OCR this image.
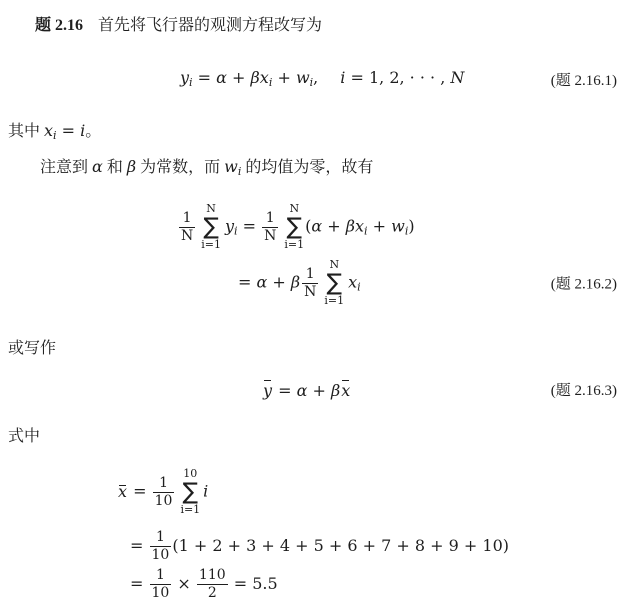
题 2.16 首先将飞行器的观测方程改写为

yi = α + βxi + wi, i = 1, 2, · · · , N	(题 2.16.1)

其中 xi = i。

注意到 α 和 β 为常数，而 wi 的均值为零，故有

$\frac{1}{N}$
N
∑
i=1
yi = $\frac{1}{N}$
N
∑
i=1
(α + βxi + wi)
(题 2.16.2)
= α + β $\frac{1}{N}$
N
∑
i=1
xi

或写作

y = α + βx	(题 2.16.3)

式中

$x = \frac{1}{10}$
10
∑
i=1
i
= $\frac{1}{10} (1 + 2 + 3 + 4 + 5 + 6 + 7 + 8 + 9 + 10)$
= $\frac{1}{10} \times \frac{110}{2} = 5.5$
